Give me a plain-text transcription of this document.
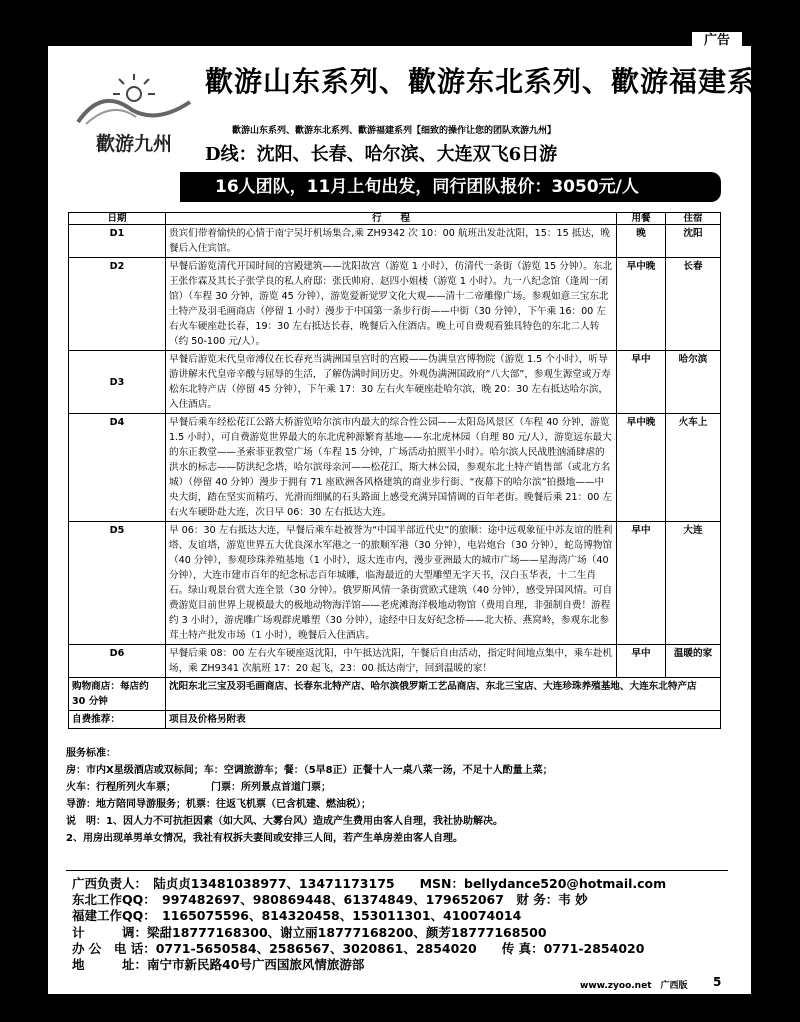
广告
歡游九州
歡游山东系列、歡游东北系列、歡游福建系列
歡游山东系列、歡游东北系列、歡游福建系列【细致的操作让您的团队欢游九州】
D线：沈阳、长春、哈尔滨、大连双飞6日游
16人团队，11月上旬出发，同行团队报价：3050元/人
日期	行　　程	用餐	住宿
D1	贵宾们带着愉快的心情于南宁吴圩机场集合,乘 ZH9342 次 10：00 航班出发赴沈阳，15：15 抵达，晚餐后入住宾馆。	晚	沈阳
D2	早餐后游览清代开国时间的宫殿建筑——沈阳故宫（游览 1 小时），仿清代一条街（游览 15 分钟）。东北王张作霖及其长子张学良的私人府邸：张氏帅府、赵四小姐楼（游览 1 小时）。九一八纪念馆（逢周一闭馆）（车程 30 分钟，游览 45 分钟），游览爱新觉罗文化大观——清十二帝雕像广场。参观如意三宝东北土特产及羽毛画商店（停留 1 小时）漫步于中国第一条步行街——中街（30 分钟），下午乘 16：00 左右火车硬座赴长春，19：30 左右抵达长春，晚餐后入住酒店。晚上可自费观看独具特色的东北二人转（约 50-100 元/人）。	早中晚	长春
D3	早餐后游览末代皇帝溥仪在长春充当满洲国皇宫时的宫殿——伪满皇宫博物院（游览 1.5 个小时），听导游讲解末代皇帝辛酸与屈辱的生活，了解伪满时间历史。外观伪满洲国政府“八大部”，参观生源堂或万寿松东北特产店（停留 45 分钟），下午乘 17：30 左右火车硬座赴哈尔滨，晚 20：30 左右抵达哈尔滨，入住酒店。	早中	哈尔滨
D4	早餐后乘车经松花江公路大桥游览哈尔滨市内最大的综合性公园——太阳岛风景区（车程 40 分钟，游览 1.5 小时），可自费游览世界最大的东北虎种源繁育基地——东北虎林园（自理 80 元/人），游览远东最大的东正教堂——圣索菲亚教堂广场（车程 15 分钟，广场活动拍照半小时）。哈尔滨人民战胜汹涌肆虐的洪水的标志——防洪纪念塔，哈尔滨母亲河——松花江、斯大林公园，参观东北土特产销售部（或北方名城）（停留 40 分钟）漫步于拥有 71 座欧洲各风格建筑的商业步行街、“夜幕下的哈尔滨”拍摄地——中央大街，踏在坚实而精巧、光滑而细腻的石头路面上感受充满异国情调的百年老街。晚餐后乘 21：00 左右火车硬卧赴大连，次日早 06：30 左右抵达大连。	早中晚	火车上
D5	早 06：30 左右抵达大连，早餐后乘车赴被誉为“中国半部近代史”的旅顺：途中远观象征中苏友谊的胜利塔、友谊塔，游览世界五大优良深水军港之一的旅顺军港（30 分钟），电岩炮台（30 分钟），蛇岛博物馆（40 分钟），参观珍珠养殖基地（1 小时），返大连市内，漫步亚洲最大的城市广场——星海湾广场（40 分钟），大连市建市百年的纪念标志百年城雕，临海最近的大型雕塑无字天书，汉白玉华表，十二生肖石。绿山观景台赏大连全景（30 分钟）。俄罗斯风情一条街赏欧式建筑（40 分钟），感受异国风情。可自费游览目前世界上规模最大的极地动物海洋馆——老虎滩海洋极地动物馆（费用自理，非强制自费！游程约 3 小时），游虎雕广场观群虎雕塑（30 分钟），途经中日友好纪念桥——北大桥、燕窝岭，参观东北参茸土特产批发市场（1 小时），晚餐后入住酒店。	早中	大连
D6	早餐后乘 08：00 左右火车硬座返沈阳，中午抵达沈阳，午餐后自由活动，指定时间地点集中，乘车赴机场，乘 ZH9341 次航班 17：20 起飞，23：00 抵达南宁，回到温暖的家！	早中	温暖的家
购物商店：每店约 30 分钟	沈阳东北三宝及羽毛画商店、长春东北特产店、哈尔滨俄罗斯工艺品商店、东北三宝店、大连珍珠养殖基地、大连东北特产店		
自费推荐：	项目及价格另附表		
服务标准：
房：市内X星级酒店或双标间；车：空调旅游车；餐：（5早8正）正餐十人一桌八菜一汤，不足十人酌量上菜；
火车：行程所列火车票；　　　　门票：所列景点首道门票；
导游：地方陪同导游服务；机票：往返飞机票（已含机建、燃油税）；
说　明：1、因人力不可抗拒因素（如大风、大雾台风）造成产生费用由客人自理，我社协助解决。
2、用房出现单男单女情况，我社有权拆夫妻间或安排三人间，若产生单房差由客人自理。
广西负责人：　陆贞贞13481038977、13471173175　　MSN：bellydance520@hotmail.com
东北工作QQ：　997482697、980869448、61374849、179652067　财 务：韦 妙
福建工作QQ：　1165075596、814320458、153011301、410074014
计　　　调：梁甜18777168300、谢立丽18777168200、颜芳18777168500
办 公　电 话：0771-5650584、2586567、3020861、2854020　　传 真：0771-2854020
地　　　址：南宁市新民路40号广西国旅风情旅游部
www.zyoo.net　广西版 5
